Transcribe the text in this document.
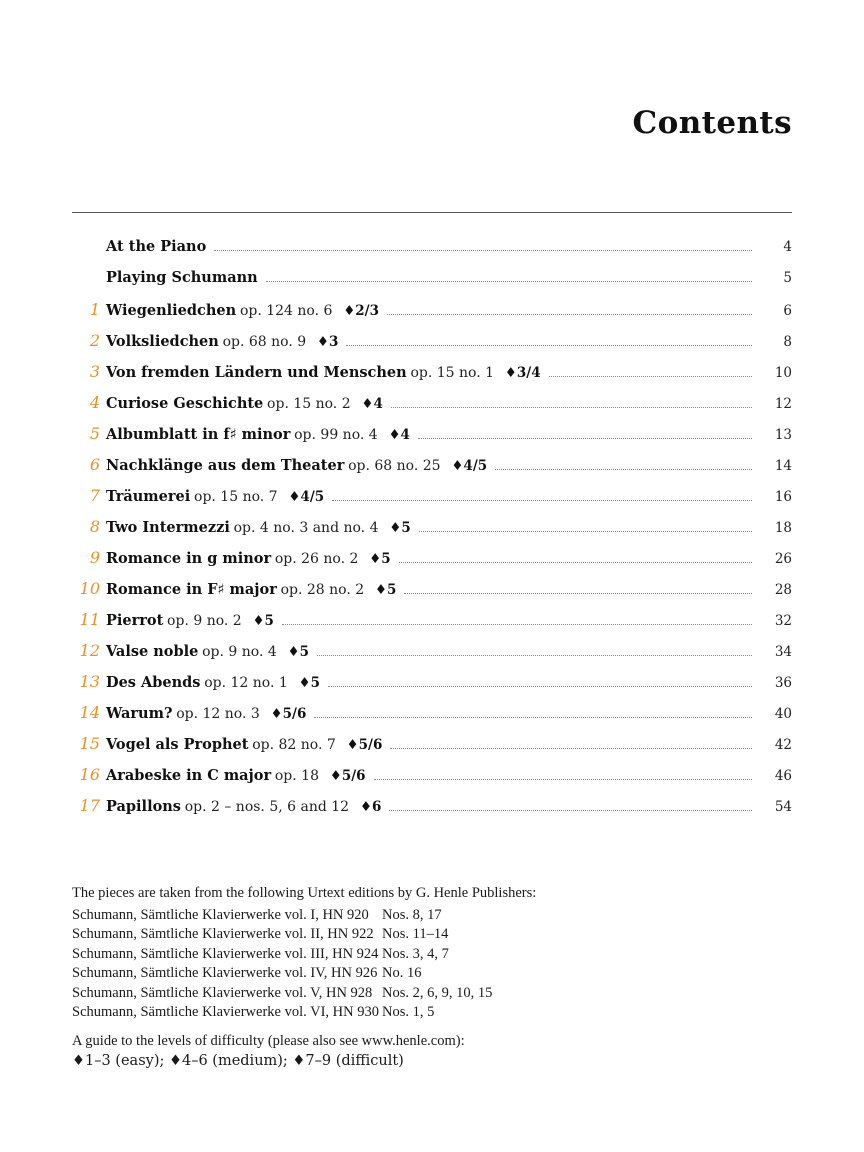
Contents
At the Piano	4
Playing Schumann	5
1 Wiegenliedchen op. 124 no. 6 ♦2/3	6
2 Volksliedchen op. 68 no. 9 ♦3	8
3 Von fremden Ländern und Menschen op. 15 no. 1 ♦3/4	10
4 Curiose Geschichte op. 15 no. 2 ♦4	12
5 Albumblatt in f♯ minor op. 99 no. 4 ♦4	13
6 Nachklänge aus dem Theater op. 68 no. 25 ♦4/5	14
7 Träumerei op. 15 no. 7 ♦4/5	16
8 Two Intermezzi op. 4 no. 3 and no. 4 ♦5	18
9 Romance in g minor op. 26 no. 2 ♦5	26
10 Romance in F♯ major op. 28 no. 2 ♦5	28
11 Pierrot op. 9 no. 2 ♦5	32
12 Valse noble op. 9 no. 4 ♦5	34
13 Des Abends op. 12 no. 1 ♦5	36
14 Warum? op. 12 no. 3 ♦5/6	40
15 Vogel als Prophet op. 82 no. 7 ♦5/6	42
16 Arabeske in C major op. 18 ♦5/6	46
17 Papillons op. 2 – nos. 5, 6 and 12 ♦6	54
The pieces are taken from the following Urtext editions by G. Henle Publishers:
Schumann, Sämtliche Klavierwerke vol. I, HN 920 Nos. 8, 17
Schumann, Sämtliche Klavierwerke vol. II, HN 922 Nos. 11–14
Schumann, Sämtliche Klavierwerke vol. III, HN 924 Nos. 3, 4, 7
Schumann, Sämtliche Klavierwerke vol. IV, HN 926 No. 16
Schumann, Sämtliche Klavierwerke vol. V, HN 928 Nos. 2, 6, 9, 10, 15
Schumann, Sämtliche Klavierwerke vol. VI, HN 930 Nos. 1, 5
A guide to the levels of difficulty (please also see www.henle.com):
♦1–3 (easy); ♦4–6 (medium); ♦7–9 (difficult)
